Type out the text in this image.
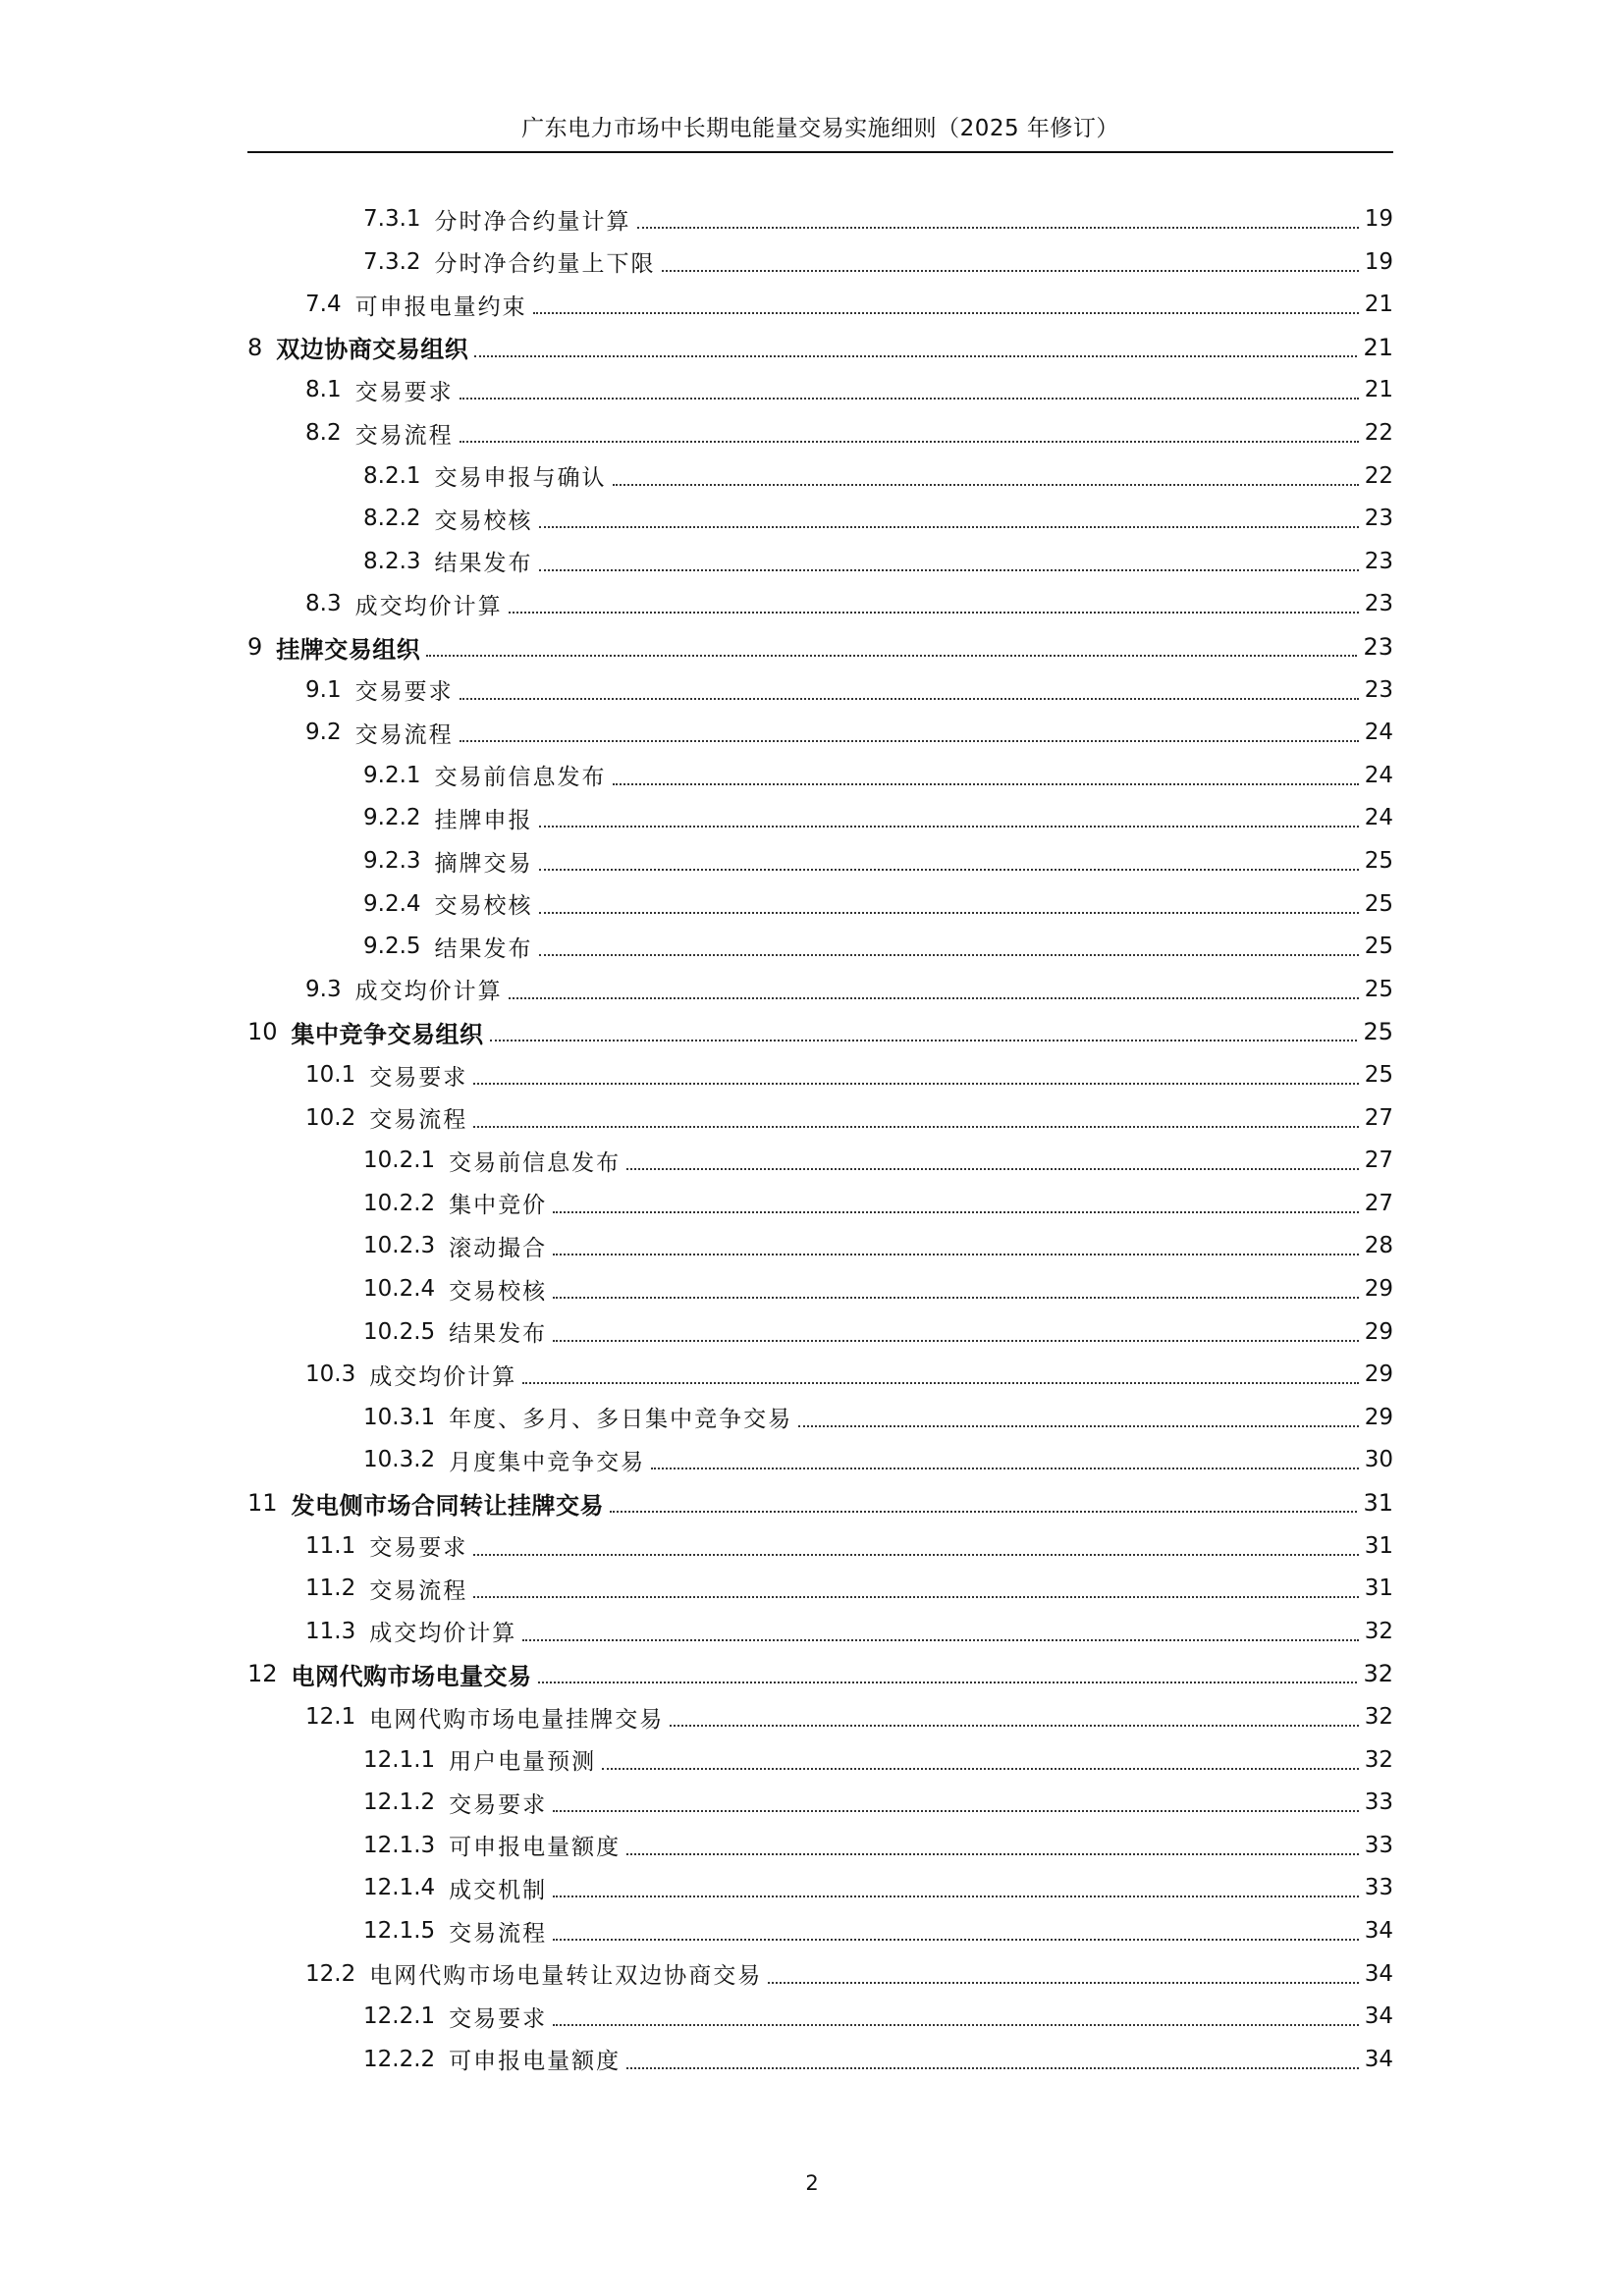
广东电力市场中长期电能量交易实施细则（2025 年修订）
7.3.1 分时净合约量计算	19
7.3.2 分时净合约量上下限	19
7.4 可申报电量约束	21
8 双边协商交易组织	21
8.1 交易要求	21
8.2 交易流程	22
8.2.1 交易申报与确认	22
8.2.2 交易校核	23
8.2.3 结果发布	23
8.3 成交均价计算	23
9 挂牌交易组织	23
9.1 交易要求	23
9.2 交易流程	24
9.2.1 交易前信息发布	24
9.2.2 挂牌申报	24
9.2.3 摘牌交易	25
9.2.4 交易校核	25
9.2.5 结果发布	25
9.3 成交均价计算	25
10 集中竞争交易组织	25
10.1 交易要求	25
10.2 交易流程	27
10.2.1 交易前信息发布	27
10.2.2 集中竞价	27
10.2.3 滚动撮合	28
10.2.4 交易校核	29
10.2.5 结果发布	29
10.3 成交均价计算	29
10.3.1 年度、多月、多日集中竞争交易	29
10.3.2 月度集中竞争交易	30
11 发电侧市场合同转让挂牌交易	31
11.1 交易要求	31
11.2 交易流程	31
11.3 成交均价计算	32
12 电网代购市场电量交易	32
12.1 电网代购市场电量挂牌交易	32
12.1.1 用户电量预测	32
12.1.2 交易要求	33
12.1.3 可申报电量额度	33
12.1.4 成交机制	33
12.1.5 交易流程	34
12.2 电网代购市场电量转让双边协商交易	34
12.2.1 交易要求	34
12.2.2 可申报电量额度	34
2
